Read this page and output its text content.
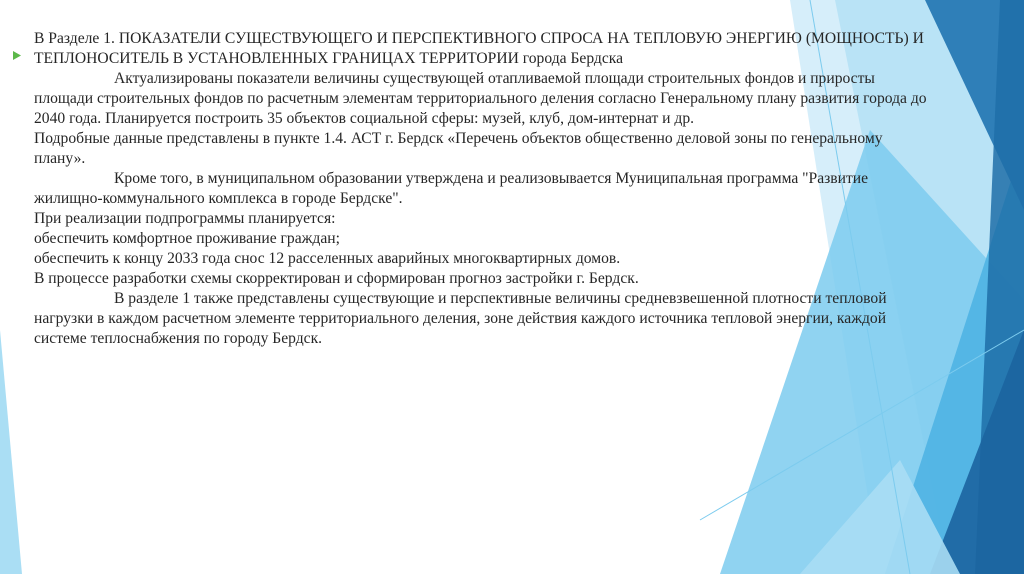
В Разделе 1. ПОКАЗАТЕЛИ СУЩЕСТВУЮЩЕГО И ПЕРСПЕКТИВНОГО СПРОСА НА ТЕПЛОВУЮ ЭНЕРГИЮ (МОЩНОСТЬ) И ТЕПЛОНОСИТЕЛЬ В УСТАНОВЛЕННЫХ ГРАНИЦАХ ТЕРРИТОРИИ города Бердска

Актуализированы показатели величины существующей отапливаемой площади строительных фондов и приросты площади строительных фондов по расчетным элементам территориального деления согласно Генеральному плану развития города до 2040 года. Планируется построить 35 объектов социальной сферы: музей, клуб, дом-интернат и др.

Подробные данные представлены в пункте 1.4. АСТ г. Бердск «Перечень объектов общественно деловой зоны по генеральному плану».

Кроме того, в муниципальном образовании утверждена и реализовывается Муниципальная программа "Развитие жилищно-коммунального комплекса в городе Бердске".

При реализации подпрограммы планируется:

обеспечить комфортное проживание граждан;

обеспечить к концу 2033 года снос 12 расселенных аварийных многоквартирных домов.

В процессе разработки схемы скорректирован и сформирован прогноз застройки г. Бердск.

В разделе 1 также представлены существующие и перспективные величины средневзвешенной плотности тепловой нагрузки в каждом расчетном элементе территориального деления, зоне действия каждого источника тепловой энергии, каждой системе теплоснабжения по городу Бердск.
